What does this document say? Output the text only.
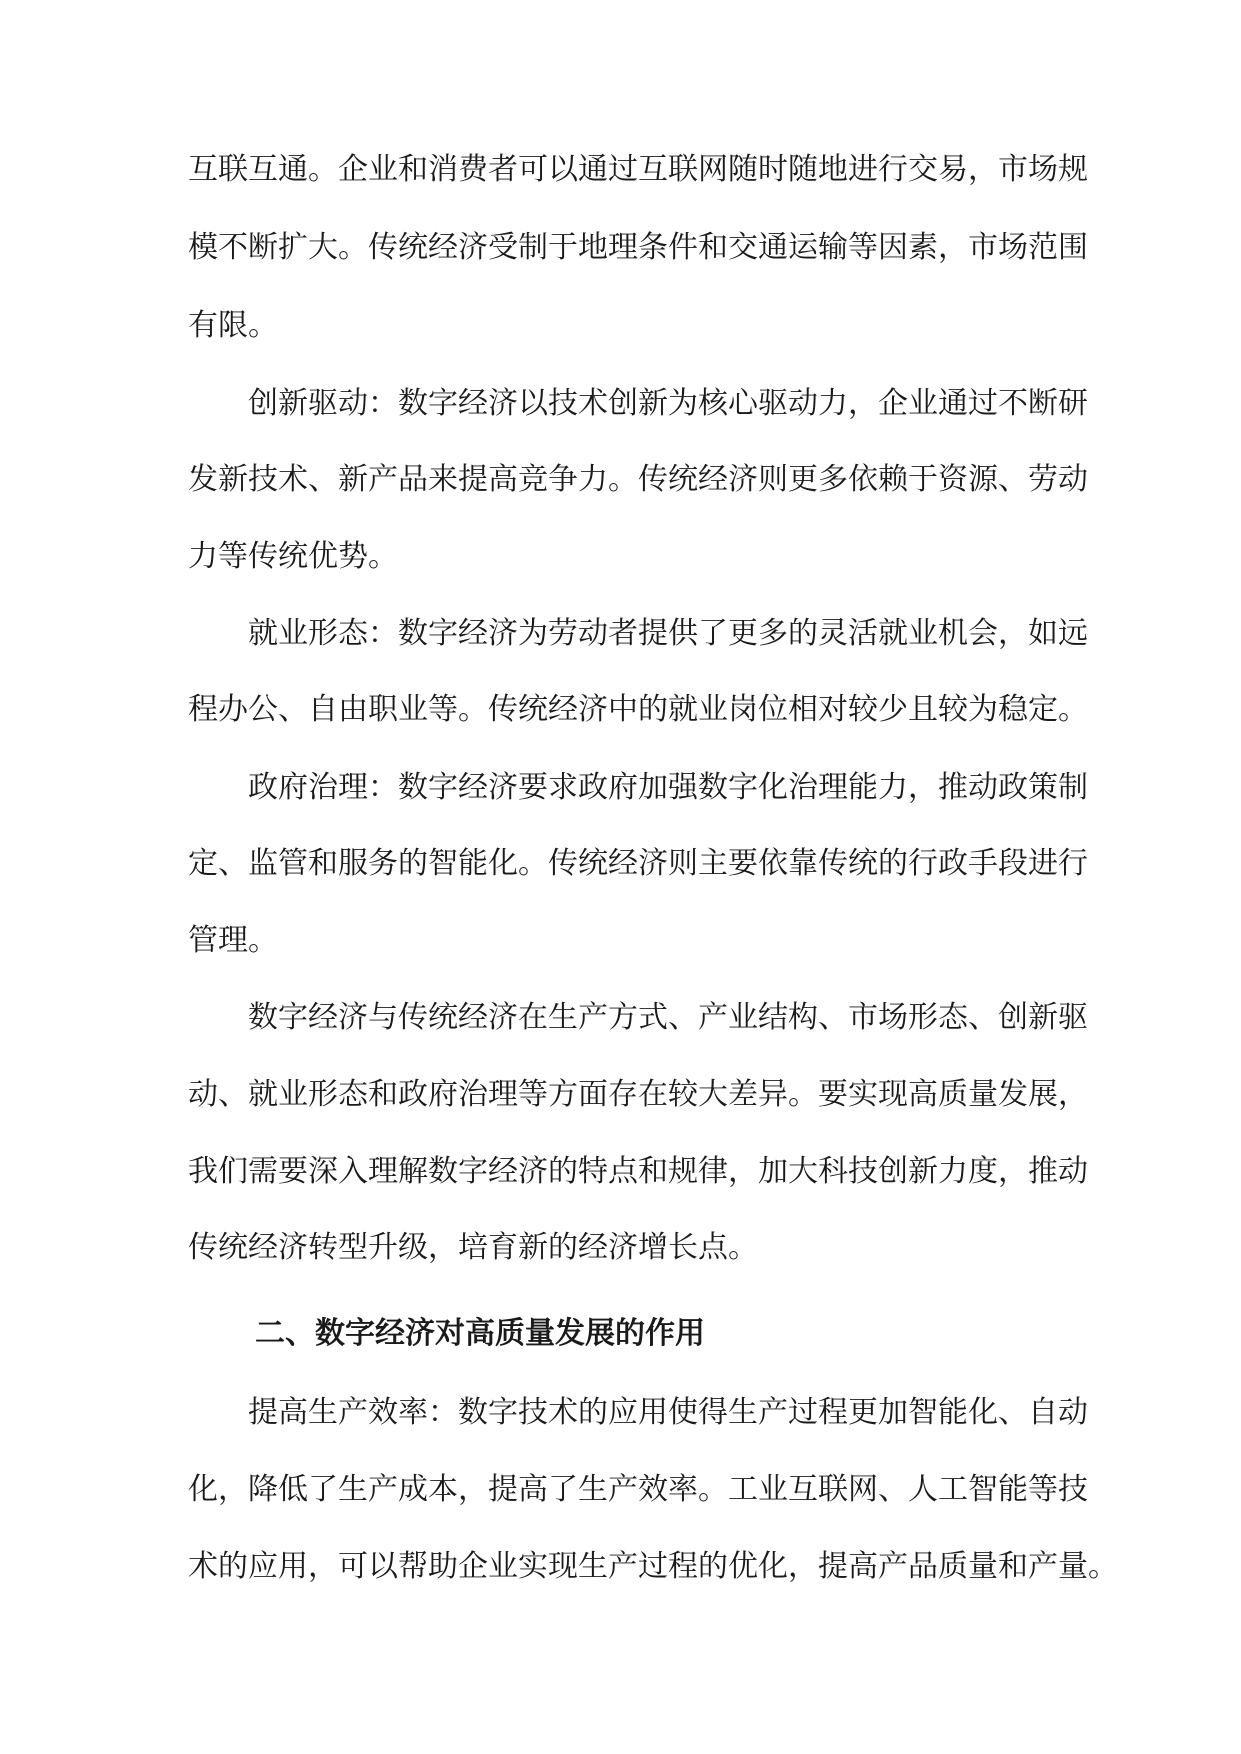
互联互通。企业和消费者可以通过互联网随时随地进行交易，市场规
模不断扩大。传统经济受制于地理条件和交通运输等因素，市场范围
有限。
创新驱动：数字经济以技术创新为核心驱动力，企业通过不断研
发新技术、新产品来提高竞争力。传统经济则更多依赖于资源、劳动
力等传统优势。
就业形态：数字经济为劳动者提供了更多的灵活就业机会，如远
程办公、自由职业等。传统经济中的就业岗位相对较少且较为稳定。
政府治理：数字经济要求政府加强数字化治理能力，推动政策制
定、监管和服务的智能化。传统经济则主要依靠传统的行政手段进行
管理。
数字经济与传统经济在生产方式、产业结构、市场形态、创新驱
动、就业形态和政府治理等方面存在较大差异。要实现高质量发展，
我们需要深入理解数字经济的特点和规律，加大科技创新力度，推动
传统经济转型升级，培育新的经济增长点。
二、数字经济对高质量发展的作用
提高生产效率：数字技术的应用使得生产过程更加智能化、自动
化，降低了生产成本，提高了生产效率。工业互联网、人工智能等技
术的应用，可以帮助企业实现生产过程的优化，提高产品质量和产量。
